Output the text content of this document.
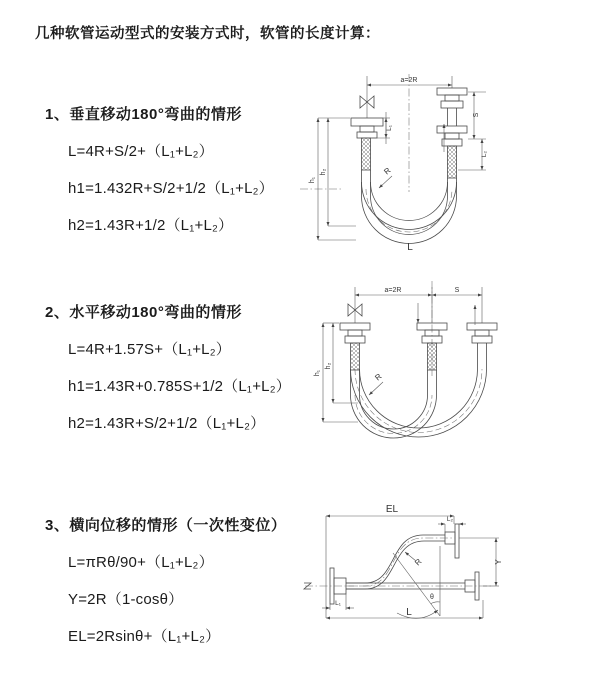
几种软管运动型式的安装方式时，软管的长度计算：
1、垂直移动180°弯曲的情形
L=4R+S/2+（L₁+L₂）
h1=1.432R+S/2+1/2（L₁+L₂）
h2=1.43R+1/2（L₁+L₂）
2、水平移动180°弯曲的情形
L=4R+1.57S+（L₁+L₂）
h1=1.43R+0.785S+1/2（L₁+L₂）
h2=1.43R+S/2+1/2（L₁+L₂）
3、横向位移的情形（一次性变位）
L=πRθ/90+（L₁+L₂）
Y=2R（1-cosθ）
EL=2Rsinθ+（L₁+L₂）
a=2R
h₁
h₂
L₁
S
L₂
R
L
a=2R	S
h₁
h₂
R
EL
L₂
Y
R
θ
L
L₁
